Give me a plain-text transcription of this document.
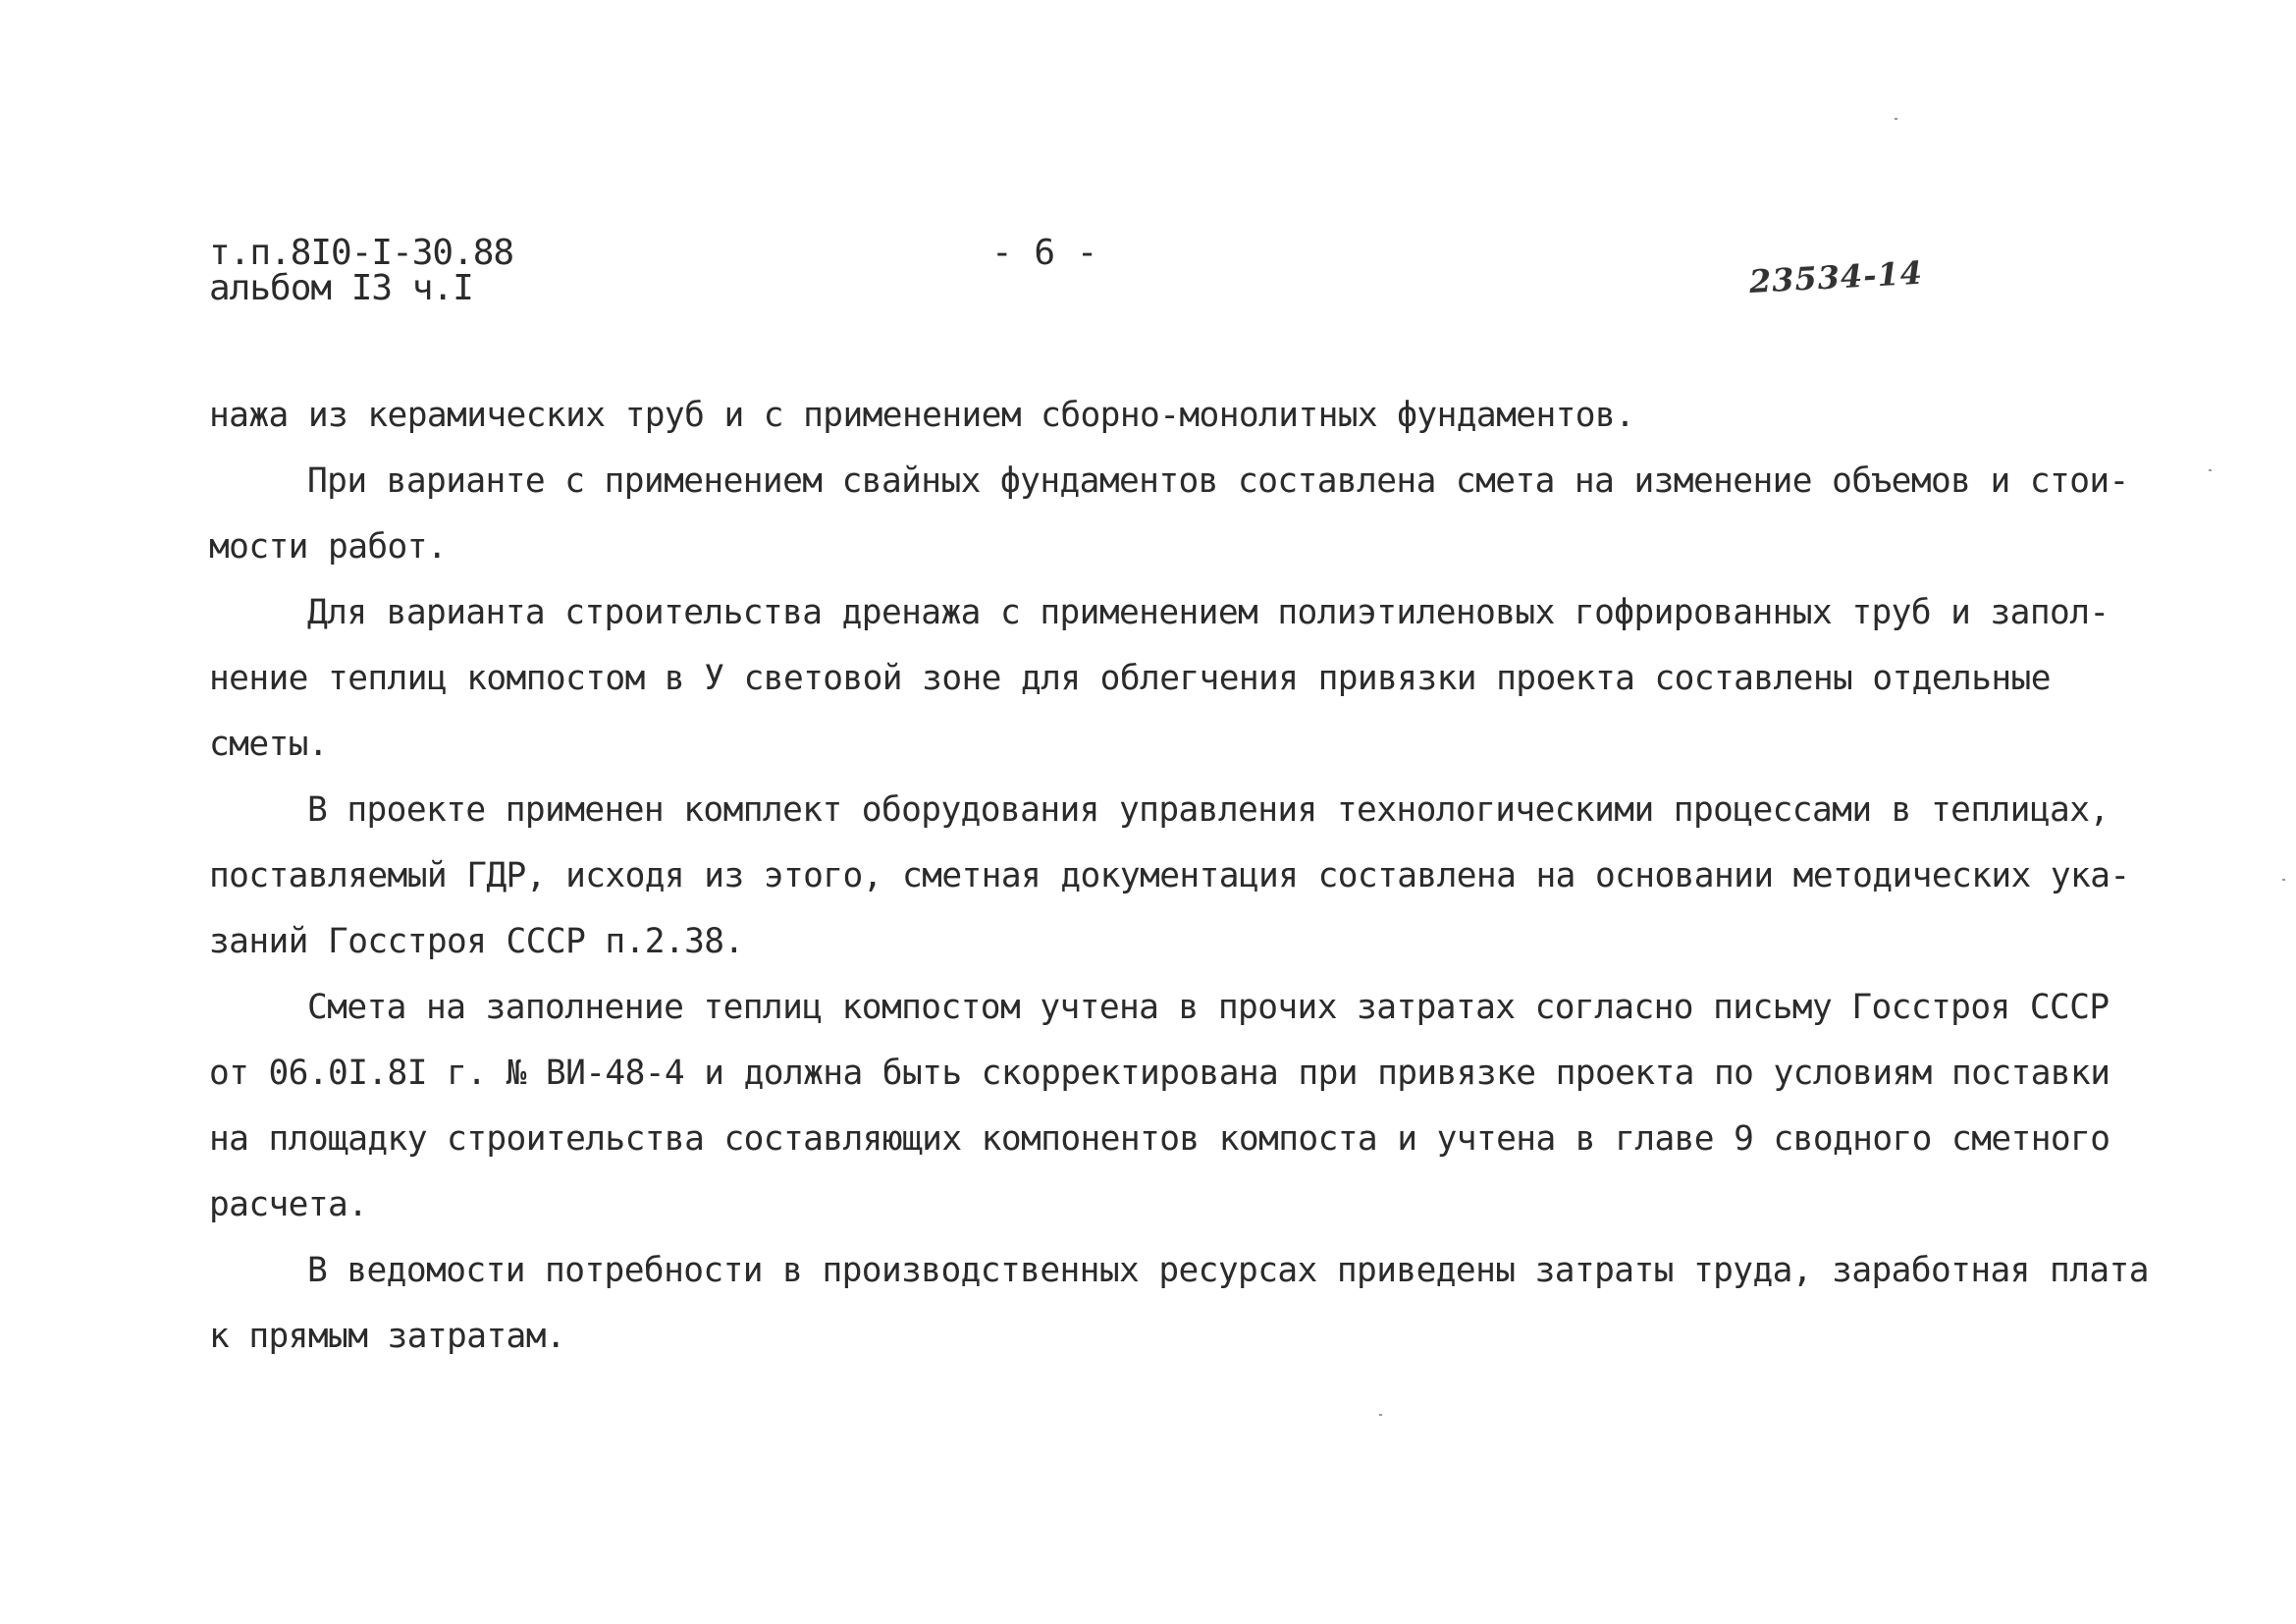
т.п.8I0-I-30.88
альбом I3 ч.I
- 6 -
23534-14
нажа из керамических труб и с применением сборно-монолитных фундаментов.
При варианте с применением свайных фундаментов составлена смета на изменение объемов и стои-
мости работ.
Для варианта строительства дренажа с применением полиэтиленовых гофрированных труб и запол-
нение теплиц компостом в У световой зоне для облегчения привязки проекта составлены отдельные
сметы.
В проекте применен комплект оборудования управления технологическими процессами в теплицах,
поставляемый ГДР, исходя из этого, сметная документация составлена на основании методических ука-
заний Госстроя СССР п.2.38.
Смета на заполнение теплиц компостом учтена в прочих затратах согласно письму Госстроя СССР
от 06.0I.8I г. № ВИ-48-4 и должна быть скорректирована при привязке проекта по условиям поставки
на площадку строительства составляющих компонентов компоста и учтена в главе 9 сводного сметного
расчета.
В ведомости потребности в производственных ресурсах приведены затраты труда, заработная плата
к прямым затратам.
